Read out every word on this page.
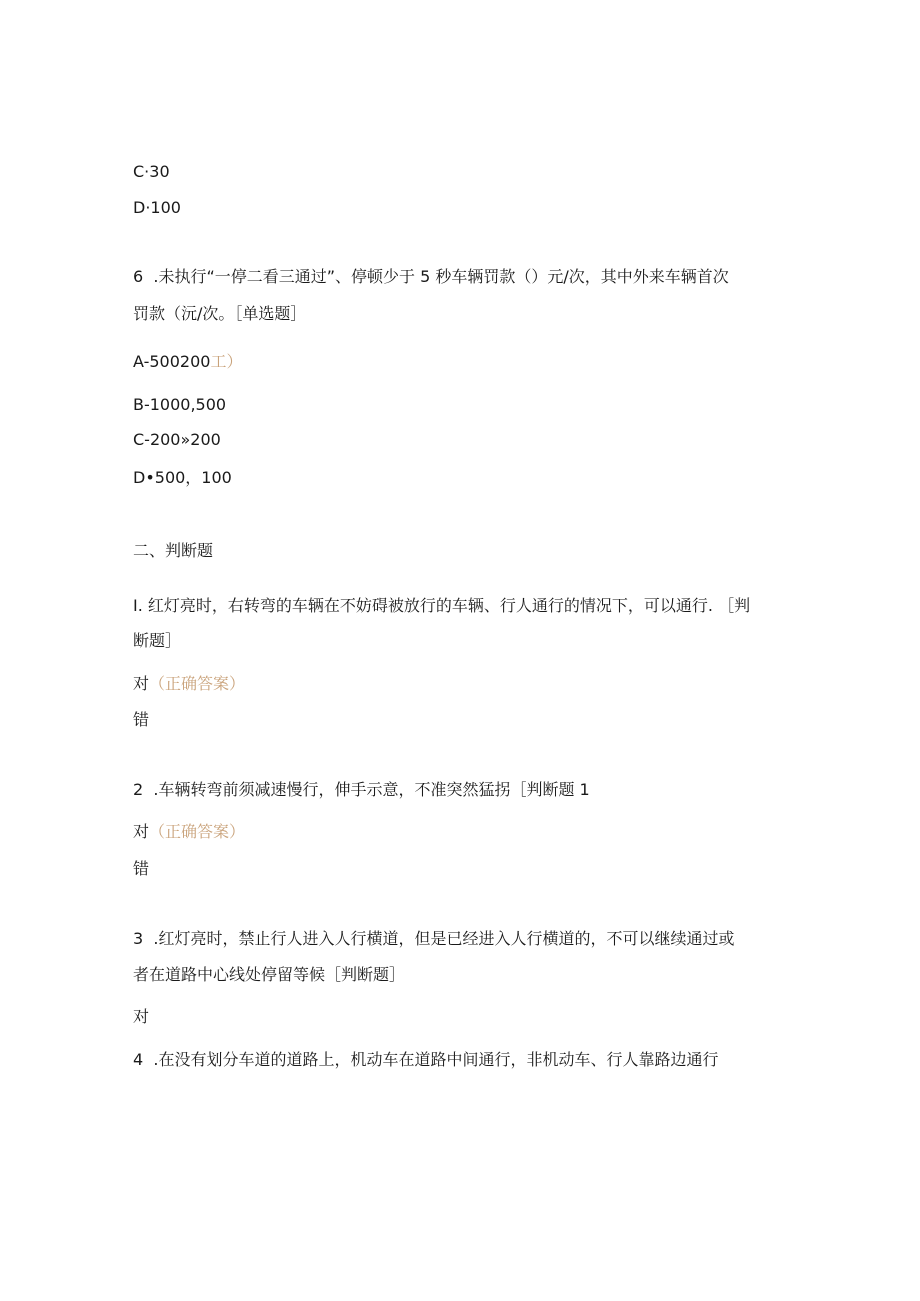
C·30
D·100
6  .未执行“一停二看三通过”、停顿少于 5 秒车辆罚款（）元/次，其中外来车辆首次
罚款（沅/次。［单选题］
A-500200工）
B-1000,500
C-200»200
D•500，100
二、判断题
I. 红灯亮时，右转弯的车辆在不妨碍被放行的车辆、行人通行的情况下，可以通行. ［判
断题］
对（正确答案）
错
2  .车辆转弯前须减速慢行，伸手示意，不准突然猛拐［判断题 1
对（正确答案）
错
3  .红灯亮时，禁止行人进入人行横道，但是已经进入人行横道的，不可以继续通过或
者在道路中心线处停留等候［判断题］
对
4  .在没有划分车道的道路上，机动车在道路中间通行，非机动车、行人靠路边通行
